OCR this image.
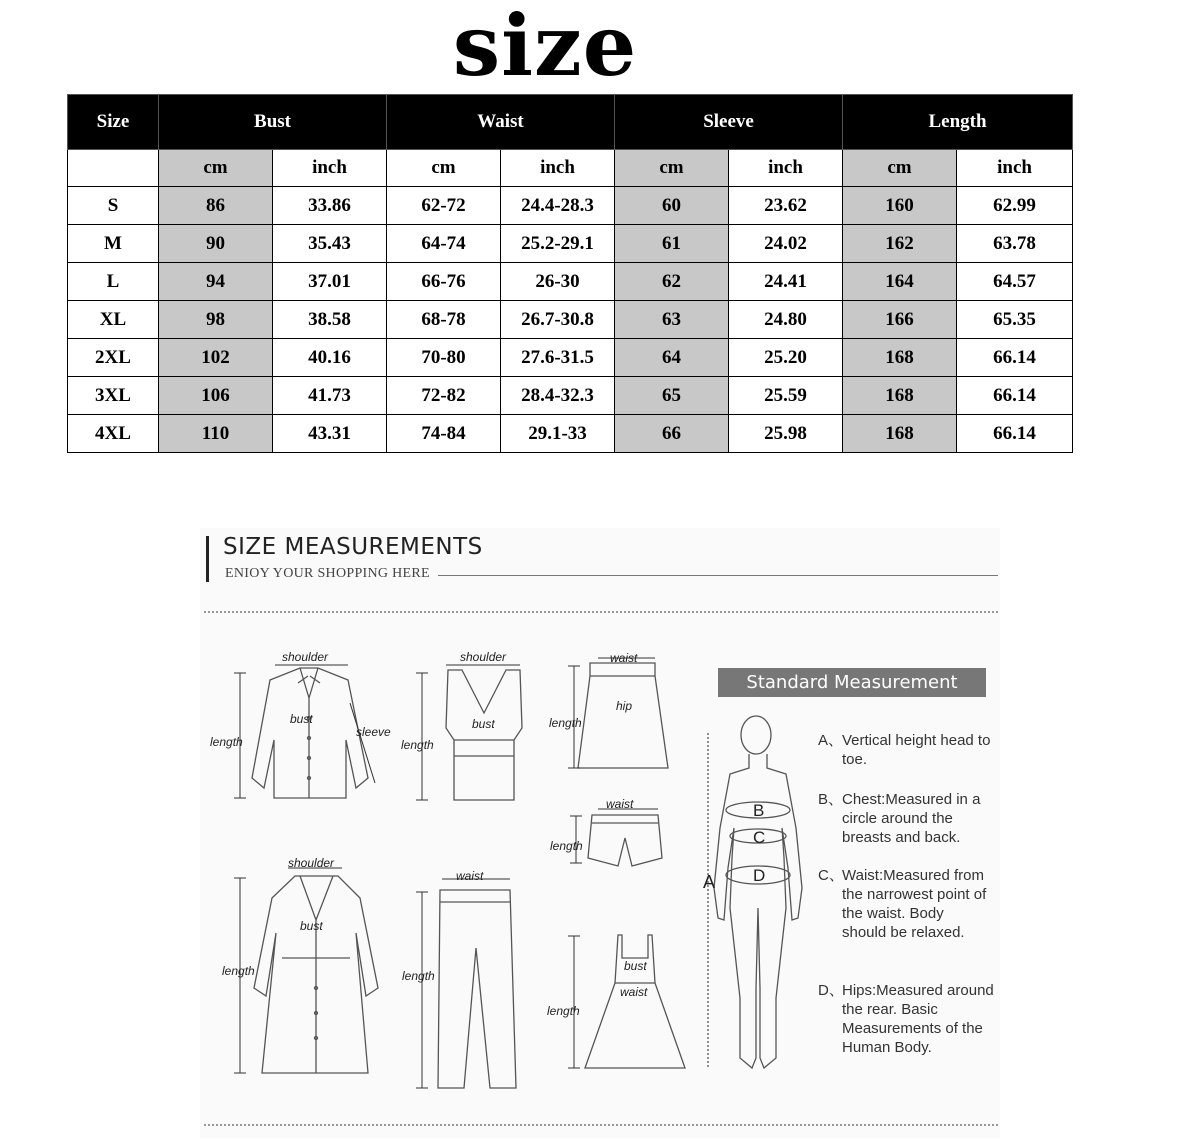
size
Size	Bust		Waist		Sleeve		Length	
	cm	inch	cm	inch	cm	inch	cm	inch
S	86	33.86	62-72	24.4-28.3	60	23.62	160	62.99
M	90	35.43	64-74	25.2-29.1	61	24.02	162	63.78
L	94	37.01	66-76	26-30	62	24.41	164	64.57
XL	98	38.58	68-78	26.7-30.8	63	24.80	166	65.35
2XL	102	40.16	70-80	27.6-31.5	64	25.20	168	66.14
3XL	106	41.73	72-82	28.4-32.3	65	25.59	168	66.14
4XL	110	43.31	74-84	29.1-33	66	25.98	168	66.14
SIZE MEASUREMENTS
ENIOY YOUR SHOPPING HERE
shoulder
bust
sleeve
length
shoulder
bust
length
waist
hip
length
waist
length
shoulder
bust
length
waist
length
bust
waist
length
A
B
C
D
Standard Measurement
A、
Vertical height head to toe.
B、
Chest:Measured in a circle around the breasts and back.
C、
Waist:Measured from the narrowest point of the waist. Body should be relaxed.
D、
Hips:Measured around the rear. Basic Measurements of the Human Body.
